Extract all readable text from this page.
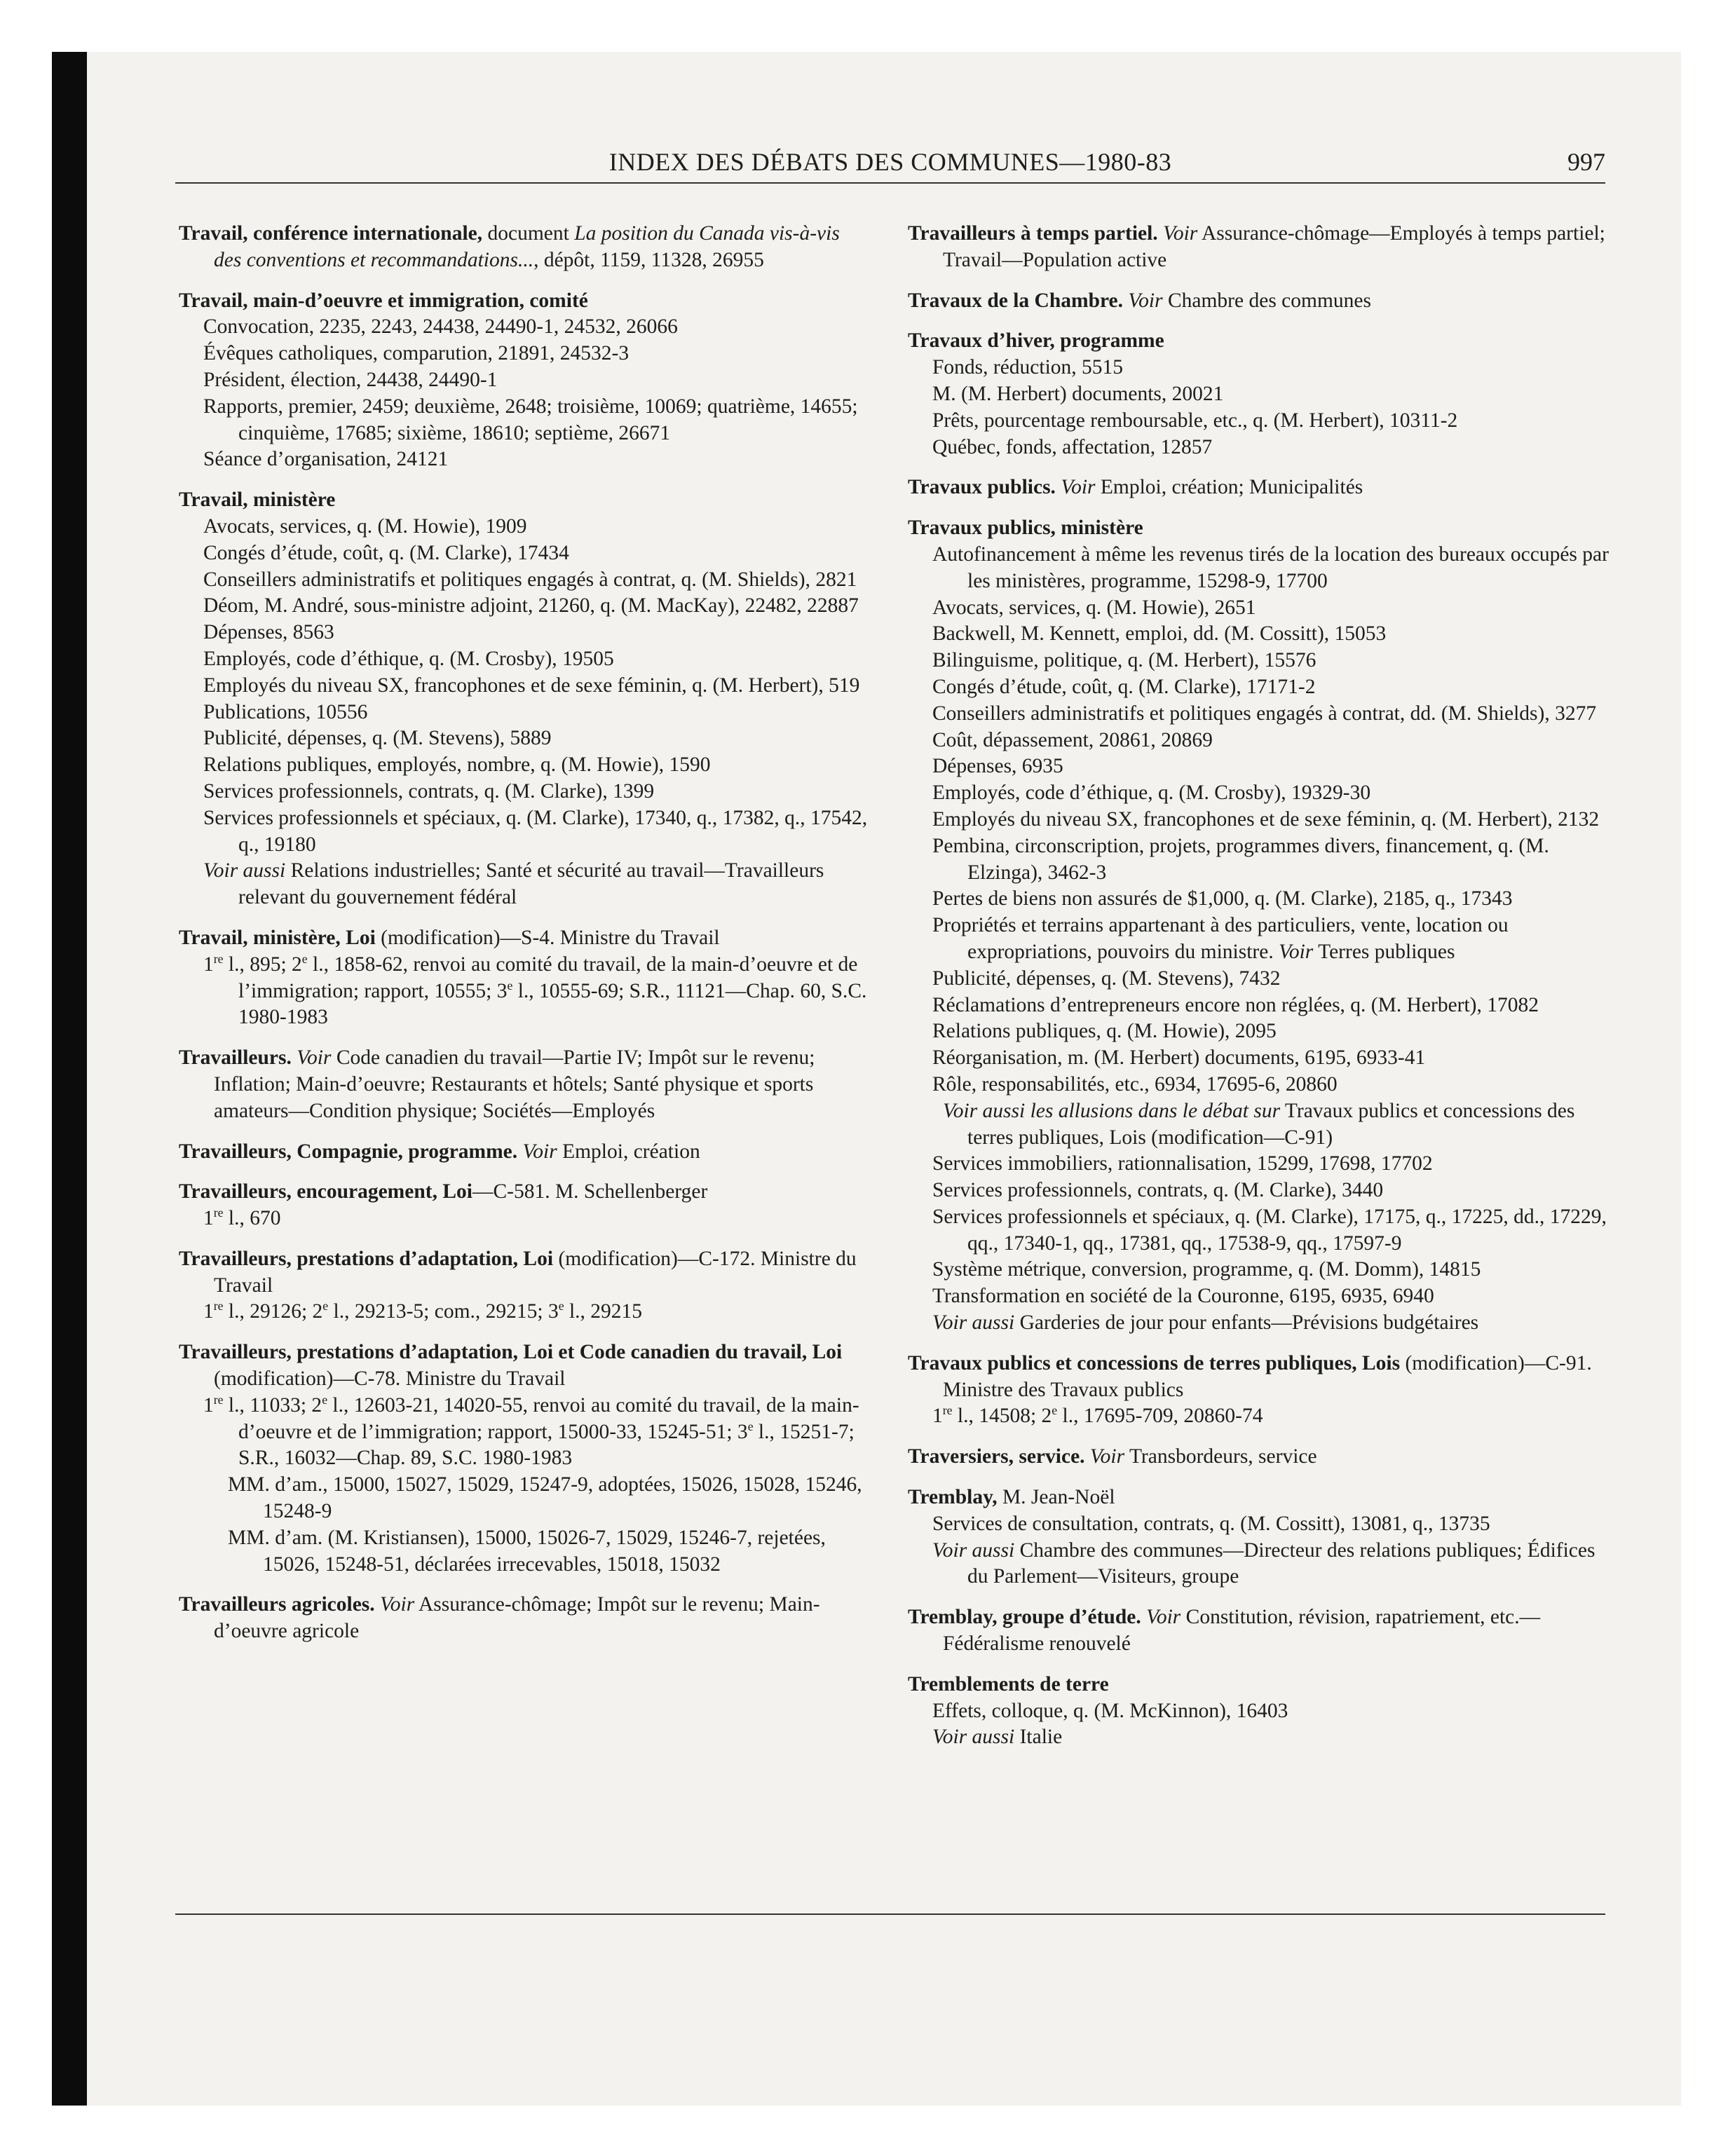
INDEX DES DÉBATS DES COMMUNES—1980-83	997
Travail, conférence internationale, document La position du Canada vis-à-vis des conventions et recommandations..., dépôt, 1159, 11328, 26955
Travail, main-d’oeuvre et immigration, comité
Convocation, 2235, 2243, 24438, 24490-1, 24532, 26066
Évêques catholiques, comparution, 21891, 24532-3
Président, élection, 24438, 24490-1
Rapports, premier, 2459; deuxième, 2648; troisième, 10069; quatrième, 14655; cinquième, 17685; sixième, 18610; septième, 26671
Séance d’organisation, 24121
Travail, ministère
Avocats, services, q. (M. Howie), 1909
Congés d’étude, coût, q. (M. Clarke), 17434
Conseillers administratifs et politiques engagés à contrat, q. (M. Shields), 2821
Déom, M. André, sous-ministre adjoint, 21260, q. (M. MacKay), 22482, 22887
Dépenses, 8563
Employés, code d’éthique, q. (M. Crosby), 19505
Employés du niveau SX, francophones et de sexe féminin, q. (M. Herbert), 519
Publications, 10556
Publicité, dépenses, q. (M. Stevens), 5889
Relations publiques, employés, nombre, q. (M. Howie), 1590
Services professionnels, contrats, q. (M. Clarke), 1399
Services professionnels et spéciaux, q. (M. Clarke), 17340, q., 17382, q., 17542, q., 19180
Voir aussi Relations industrielles; Santé et sécurité au travail—Travailleurs relevant du gouvernement fédéral
Travail, ministère, Loi (modification)—S-4. Ministre du Travail
1re l., 895; 2e l., 1858-62, renvoi au comité du travail, de la main-d’oeuvre et de l’immigration; rapport, 10555; 3e l., 10555-69; S.R., 11121—Chap. 60, S.C. 1980-1983
Travailleurs. Voir Code canadien du travail—Partie IV; Impôt sur le revenu; Inflation; Main-d’oeuvre; Restaurants et hôtels; Santé physique et sports amateurs—Condition physique; Sociétés—Employés
Travailleurs, Compagnie, programme. Voir Emploi, création
Travailleurs, encouragement, Loi—C-581. M. Schellenberger
1re l., 670
Travailleurs, prestations d’adaptation, Loi (modification)—C-172. Ministre du Travail
1re l., 29126; 2e l., 29213-5; com., 29215; 3e l., 29215
Travailleurs, prestations d’adaptation, Loi et Code canadien du travail, Loi (modification)—C-78. Ministre du Travail
1re l., 11033; 2e l., 12603-21, 14020-55, renvoi au comité du travail, de la main-d’oeuvre et de l’immigration; rapport, 15000-33, 15245-51; 3e l., 15251-7; S.R., 16032—Chap. 89, S.C. 1980-1983
MM. d’am., 15000, 15027, 15029, 15247-9, adoptées, 15026, 15028, 15246, 15248-9
MM. d’am. (M. Kristiansen), 15000, 15026-7, 15029, 15246-7, rejetées, 15026, 15248-51, déclarées irrecevables, 15018, 15032
Travailleurs agricoles. Voir Assurance-chômage; Impôt sur le revenu; Main-d’oeuvre agricole
Travailleurs à temps partiel. Voir Assurance-chômage—Employés à temps partiel; Travail—Population active
Travaux de la Chambre. Voir Chambre des communes
Travaux d’hiver, programme
Fonds, réduction, 5515
M. (M. Herbert) documents, 20021
Prêts, pourcentage remboursable, etc., q. (M. Herbert), 10311-2
Québec, fonds, affectation, 12857
Travaux publics. Voir Emploi, création; Municipalités
Travaux publics, ministère
Autofinancement à même les revenus tirés de la location des bureaux occupés par les ministères, programme, 15298-9, 17700
Avocats, services, q. (M. Howie), 2651
Backwell, M. Kennett, emploi, dd. (M. Cossitt), 15053
Bilinguisme, politique, q. (M. Herbert), 15576
Congés d’étude, coût, q. (M. Clarke), 17171-2
Conseillers administratifs et politiques engagés à contrat, dd. (M. Shields), 3277
Coût, dépassement, 20861, 20869
Dépenses, 6935
Employés, code d’éthique, q. (M. Crosby), 19329-30
Employés du niveau SX, francophones et de sexe féminin, q. (M. Herbert), 2132
Pembina, circonscription, projets, programmes divers, financement, q. (M. Elzinga), 3462-3
Pertes de biens non assurés de $1,000, q. (M. Clarke), 2185, q., 17343
Propriétés et terrains appartenant à des particuliers, vente, location ou expropriations, pouvoirs du ministre. Voir Terres publiques
Publicité, dépenses, q. (M. Stevens), 7432
Réclamations d’entrepreneurs encore non réglées, q. (M. Herbert), 17082
Relations publiques, q. (M. Howie), 2095
Réorganisation, m. (M. Herbert) documents, 6195, 6933-41
Rôle, responsabilités, etc., 6934, 17695-6, 20860
Voir aussi les allusions dans le débat sur Travaux publics et concessions des terres publiques, Lois (modification—C-91)
Services immobiliers, rationnalisation, 15299, 17698, 17702
Services professionnels, contrats, q. (M. Clarke), 3440
Services professionnels et spéciaux, q. (M. Clarke), 17175, q., 17225, dd., 17229, qq., 17340-1, qq., 17381, qq., 17538-9, qq., 17597-9
Système métrique, conversion, programme, q. (M. Domm), 14815
Transformation en société de la Couronne, 6195, 6935, 6940
Voir aussi Garderies de jour pour enfants—Prévisions budgétaires
Travaux publics et concessions de terres publiques, Lois (modification)—C-91. Ministre des Travaux publics
1re l., 14508; 2e l., 17695-709, 20860-74
Traversiers, service. Voir Transbordeurs, service
Tremblay, M. Jean-Noël
Services de consultation, contrats, q. (M. Cossitt), 13081, q., 13735
Voir aussi Chambre des communes—Directeur des relations publiques; Édifices du Parlement—Visiteurs, groupe
Tremblay, groupe d’étude. Voir Constitution, révision, rapatriement, etc.—Fédéralisme renouvelé
Tremblements de terre
Effets, colloque, q. (M. McKinnon), 16403
Voir aussi Italie
